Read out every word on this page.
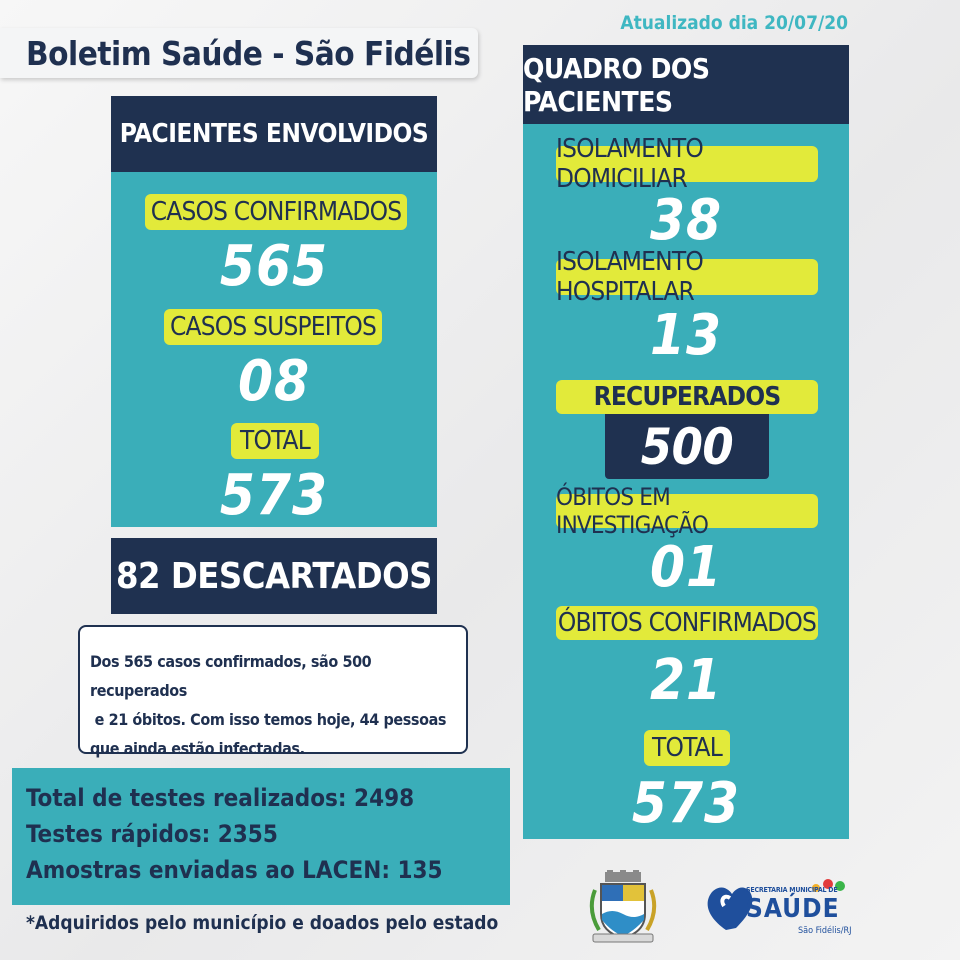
Boletim Saúde - São Fidélis
Atualizado dia 20/07/20
PACIENTES ENVOLVIDOS
CASOS CONFIRMADOS
565
CASOS SUSPEITOS
08
TOTAL
573
82 DESCARTADOS
Dos 565 casos confirmados, são 500 recuperados
e 21 óbitos. Com isso temos hoje, 44 pessoas
que ainda estão infectadas.
Total de testes realizados: 2498
Testes rápidos: 2355
Amostras enviadas ao LACEN: 135
*Adquiridos pelo município e doados pelo estado
QUADRO DOS PACIENTES
ISOLAMENTO DOMICILIAR
38
ISOLAMENTO HOSPITALAR
13
RECUPERADOS
500
ÓBITOS EM INVESTIGAÇÃO
01
ÓBITOS CONFIRMADOS
21
TOTAL
573
SECRETARIA MUNICIPAL DE
SAÚDE
São Fidélis/RJ
